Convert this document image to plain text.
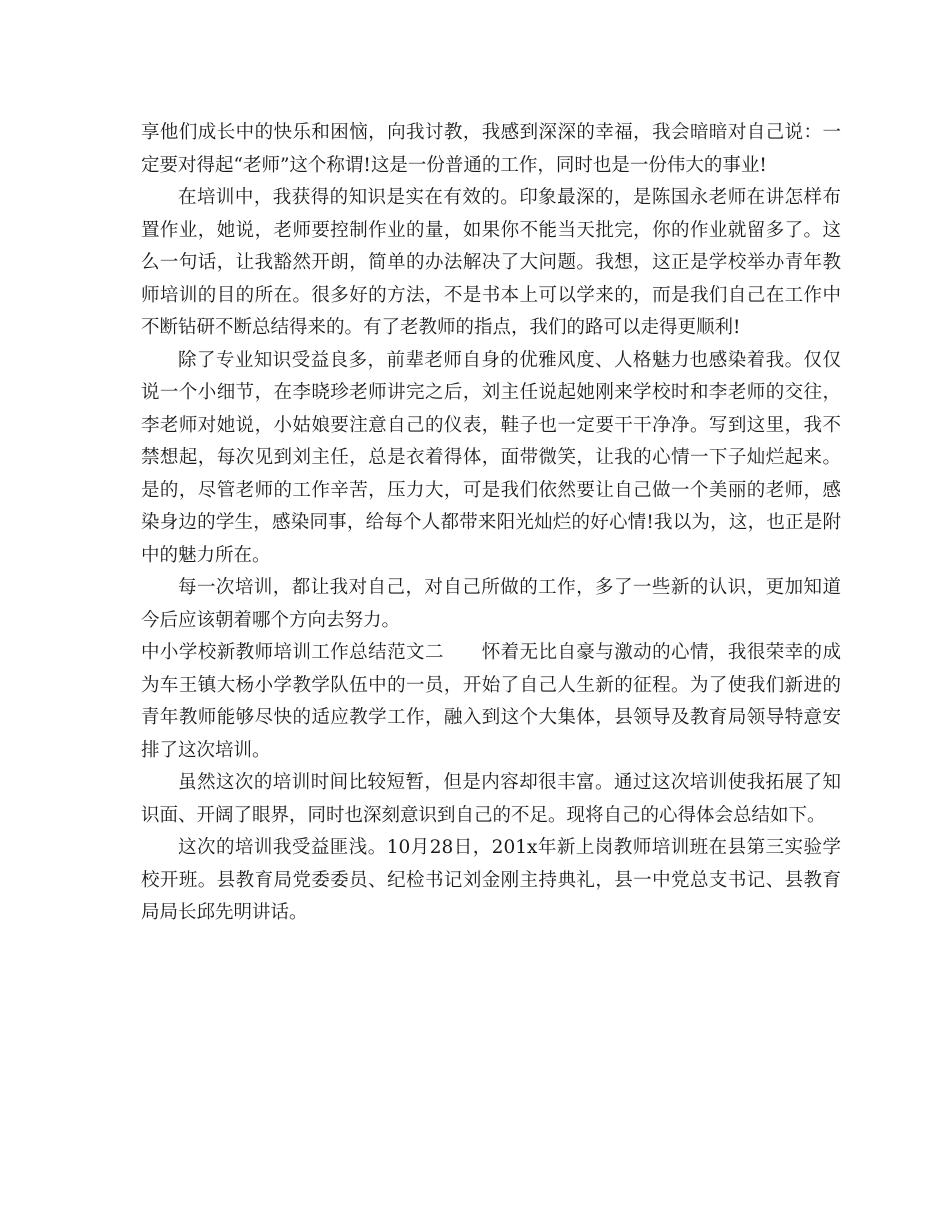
享他们成长中的快乐和困恼，向我讨教，我感到深深的幸福，我会暗暗对自己说：一定要对得起“老师”这个称谓!这是一份普通的工作，同时也是一份伟大的事业!

在培训中，我获得的知识是实在有效的。印象最深的，是陈国永老师在讲怎样布置作业，她说，老师要控制作业的量，如果你不能当天批完，你的作业就留多了。这么一句话，让我豁然开朗，简单的办法解决了大问题。我想，这正是学校举办青年教师培训的目的所在。很多好的方法，不是书本上可以学来的，而是我们自己在工作中不断钻研不断总结得来的。有了老教师的指点，我们的路可以走得更顺利!

除了专业知识受益良多，前辈老师自身的优雅风度、人格魅力也感染着我。仅仅说一个小细节，在李晓珍老师讲完之后，刘主任说起她刚来学校时和李老师的交往，李老师对她说，小姑娘要注意自己的仪表，鞋子也一定要干干净净。写到这里，我不禁想起，每次见到刘主任，总是衣着得体，面带微笑，让我的心情一下子灿烂起来。是的，尽管老师的工作辛苦，压力大，可是我们依然要让自己做一个美丽的老师，感染身边的学生，感染同事，给每个人都带来阳光灿烂的好心情!我以为，这，也正是附中的魅力所在。

每一次培训，都让我对自己，对自己所做的工作，多了一些新的认识，更加知道今后应该朝着哪个方向去努力。

中小学校新教师培训工作总结范文二　　怀着无比自豪与激动的心情，我很荣幸的成为车王镇大杨小学教学队伍中的一员，开始了自己人生新的征程。为了使我们新进的青年教师能够尽快的适应教学工作，融入到这个大集体，县领导及教育局领导特意安排了这次培训。

虽然这次的培训时间比较短暂，但是内容却很丰富。通过这次培训使我拓展了知识面、开阔了眼界，同时也深刻意识到自己的不足。现将自己的心得体会总结如下。

这次的培训我受益匪浅。10月28日，201x年新上岗教师培训班在县第三实验学校开班。县教育局党委委员、纪检书记刘金刚主持典礼，县一中党总支书记、县教育局局长邱先明讲话。
